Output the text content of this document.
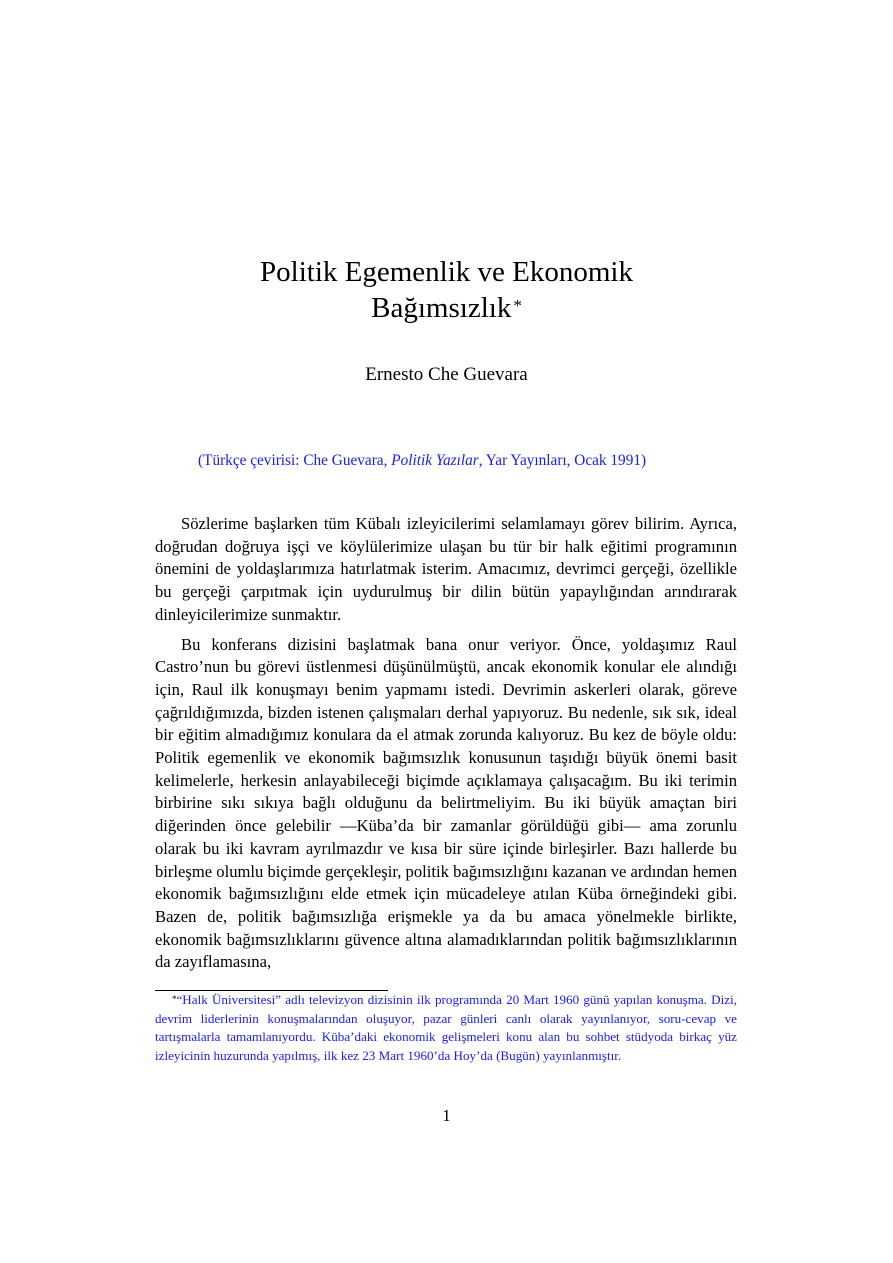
Politik Egemenlik ve Ekonomik
Bağımsızlık *
Ernesto Che Guevara
(Türkçe çevirisi: Che Guevara, Politik Yazılar, Yar Yayınları, Ocak 1991)

Sözlerime başlarken tüm Kübalı izleyicilerimi selamlamayı görev bilirim. Ayrıca, doğrudan doğruya işçi ve köylülerimize ulaşan bu tür bir halk eğitimi programının önemini de yoldaşlarımıza hatırlatmak isterim. Amacımız, devrimci gerçeği, özellikle bu gerçeği çarpıtmak için uydurulmuş bir dilin bütün yapaylığından arındırarak dinleyicilerimize sunmaktır.

Bu konferans dizisini başlatmak bana onur veriyor. Önce, yoldaşımız Raul Castro’nun bu görevi üstlenmesi düşünülmüştü, ancak ekonomik konular ele alındığı için, Raul ilk konuşmayı benim yapmamı istedi. Devrimin askerleri olarak, göreve çağrıldığımızda, bizden istenen çalışmaları derhal yapıyoruz. Bu nedenle, sık sık, ideal bir eğitim almadığımız konulara da el atmak zorunda kalıyoruz. Bu kez de böyle oldu: Politik egemenlik ve ekonomik bağımsızlık konusunun taşıdığı büyük önemi basit kelimelerle, herkesin anlayabileceği biçimde açıklamaya çalışacağım. Bu iki terimin birbirine sıkı sıkıya bağlı olduğunu da belirtmeliyim. Bu iki büyük amaçtan biri diğerinden önce gelebilir —Küba’da bir zamanlar görüldüğü gibi— ama zorunlu olarak bu iki kavram ayrılmazdır ve kısa bir süre içinde birleşirler. Bazı hallerde bu birleşme olumlu biçimde gerçekleşir, politik bağımsızlığını kazanan ve ardından hemen ekonomik bağımsızlığını elde etmek için mücadeleye atılan Küba örneğindeki gibi. Bazen de, politik bağımsızlığa erişmekle ya da bu amaca yönelmekle birlikte, ekonomik bağımsızlıklarını güvence altına alamadıklarından politik bağımsızlıklarının da zayıflamasına,

*“Halk Üniversitesi” adlı televizyon dizisinin ilk programında 20 Mart 1960 günü yapılan konuşma. Dizi, devrim liderlerinin konuşmalarından oluşuyor, pazar günleri canlı olarak yayınlanıyor, soru-cevap ve tartışmalarla tamamlanıyordu. Küba’daki ekonomik gelişmeleri konu alan bu sohbet stüdyoda birkaç yüz izleyicinin huzurunda yapılmış, ilk kez 23 Mart 1960’da Hoy’da (Bugün) yayınlanmıştır.
1
